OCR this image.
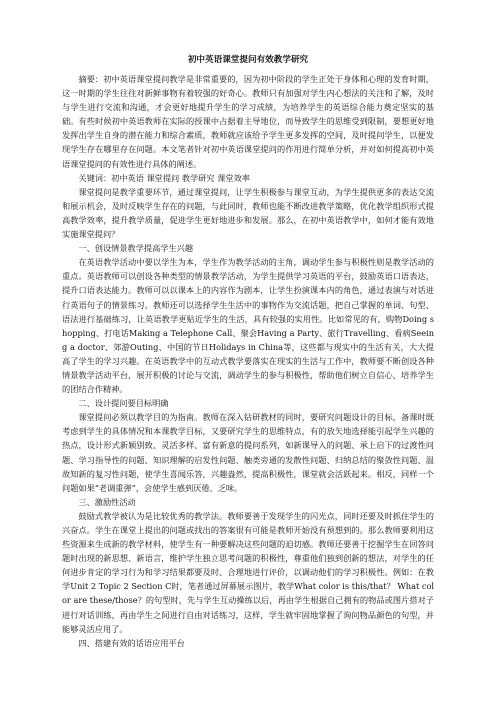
初中英语课堂提问有效教学研究

摘要：初中英语课堂提问教学是非常重要的，因为初中阶段的学生正处于身体和心理的发育时期，这一时期的学生往往对新鲜事物有着较强的好奇心。教师只有加强对学生内心想法的关注和了解，及时与学生进行交流和沟通，才会更好地提升学生的学习成绩，为培养学生的英语综合能力奠定坚实的基础。有些时候初中英语教师在实际的授课中占据着主导地位，而导致学生的思维受到限制，要想更好地发挥出学生自身的潜在能力和综合素质，教师就应该给予学生更多发挥的空间，及时提问学生，以便发现学生存在哪里存在问题。本文笔者针对初中英语课堂提问的作用进行简单分析，并对如何提高初中英语课堂提问的有效性进行具体的阐述。

关键词：初中英语 课堂提问 教学研究 课堂效率

课堂提问是教学重要环节，通过课堂提问，让学生积极参与课堂互动，为学生提供更多的表达交流和展示机会，及时反映学生存在的问题，与此同时，教师也能不断改进教学策略，优化教学组织形式提高教学效率，提升教学质量，促进学生更好地进步和发展。那么，在初中英语教学中，如何才能有效地实施课堂提问？

一、创设情景教学提高学生兴趣

在英语教学活动中要以学生为本，学生作为教学活动的主角，调动学生参与积极性则是教学活动的重点。英语教师可以创设各种类型的情景教学活动，为学生提供学习英语的平台，鼓励英语口语表达，提升口语表达能力。教师可以以课本上的内容作为剧本，让学生扮演课本内的角色，通过表演与对话进行英语句子的情景练习。教师还可以选择学生生活中的事物作为交流话题，把自己掌握的单词、句型、语法进行基础练习，让英语教学更贴近学生的生活，具有较强的实用性。比如常见的有，购物Doing shopping、打电话Making a Telephone Call、聚会Having a Party、旅行Travelling、看病Seeing a doctor、郊游Outing、中国的节日Holidays in China等，这些都与现实中的生活有关，大大提高了学生的学习兴趣。在英语教学中的互动式教学要落实在现实的生活与工作中，教师要不断创设各种情景教学活动平台，展开积极的讨论与交流，调动学生的参与积极性，帮助他们树立自信心，培养学生的团结合作精神。

二、设计提问要目标明确

课堂提问必须以教学目的为指南。教师在深入钻研教材的同时，要研究问题设计的目标，备课时既考虑到学生的具体情况和本课教学目标，又要研究学生的思维特点，有的放矢地选择能引起学生兴趣的热点，设计形式新颖别致、灵活多样、富有新意的提问系列，如新课导入的问题、承上启下的过渡性问题、学习指导性的问题、知识理解的启发性问题、触类旁通的发散性问题、归纳总结的聚敛性问题、温故知新的复习性问题，使学生喜闻乐答，兴趣盎然，提高积极性，课堂就会活跃起来。相反，同样一个问题如果“老调重弹”，会使学生感到厌倦、乏味。

三、激励性活动

鼓励式教学被认为是比较优秀的教学法。教师要善于发现学生的闪光点，同时还要及时抓住学生的兴奋点。学生在课堂上提出的问题或找出的答案很有可能是教师开始没有预想到的。那么教师要利用这些资源来生成新的教学材料，使学生有一种要解决这些问题的迫切感。教师还要善于挖掘学生在回答问题时出现的新思想、新语言，维护学生独立思考问题的积极性，尊重他们独到创新的想法，对学生的任何进步肯定的学习行为和学习结果都要及时、合理地进行评价，以调动他们的学习积极性。例如：在教学Unit 2 Topic 2 Section C时，笔者通过屏幕展示图片，教学What color is this/that？ What color are these/those？的句型时，先与学生互动操练以后，再由学生根据自己拥有的物品或图片搭对子进行对话训练，再由学生之间进行自由对话练习，这样，学生就牢固地掌握了询问物品颜色的句型，并能够灵活应用了。

四、搭建有效的话语应用平台
